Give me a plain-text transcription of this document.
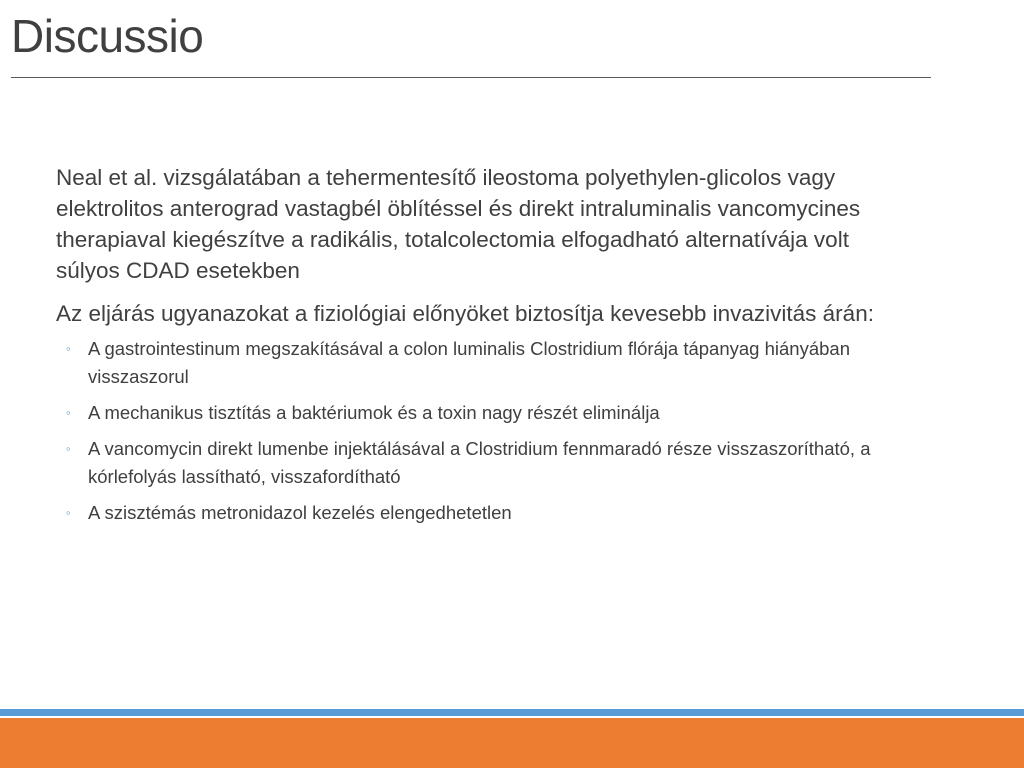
Discussio

Neal et al. vizsgálatában a tehermentesítő ileostoma polyethylen-glicolos vagy elektrolitos anterograd vastagbél öblítéssel és direkt intraluminalis vancomycines therapiaval kiegészítve a radikális, totalcolectomia elfogadható alternatívája volt súlyos CDAD esetekben

Az eljárás ugyanazokat a fiziológiai előnyöket biztosítja kevesebb invazivitás árán:

◦ A gastrointestinum megszakításával a colon luminalis Clostridium flórája tápanyag hiányában visszaszorul
◦ A mechanikus tisztítás a baktériumok és a toxin nagy részét eliminálja
◦ A vancomycin direkt lumenbe injektálásával a Clostridium fennmaradó része visszaszorítható, a kórlefolyás lassítható, visszafordítható
◦ A szisztémás metronidazol kezelés elengedhetetlen
